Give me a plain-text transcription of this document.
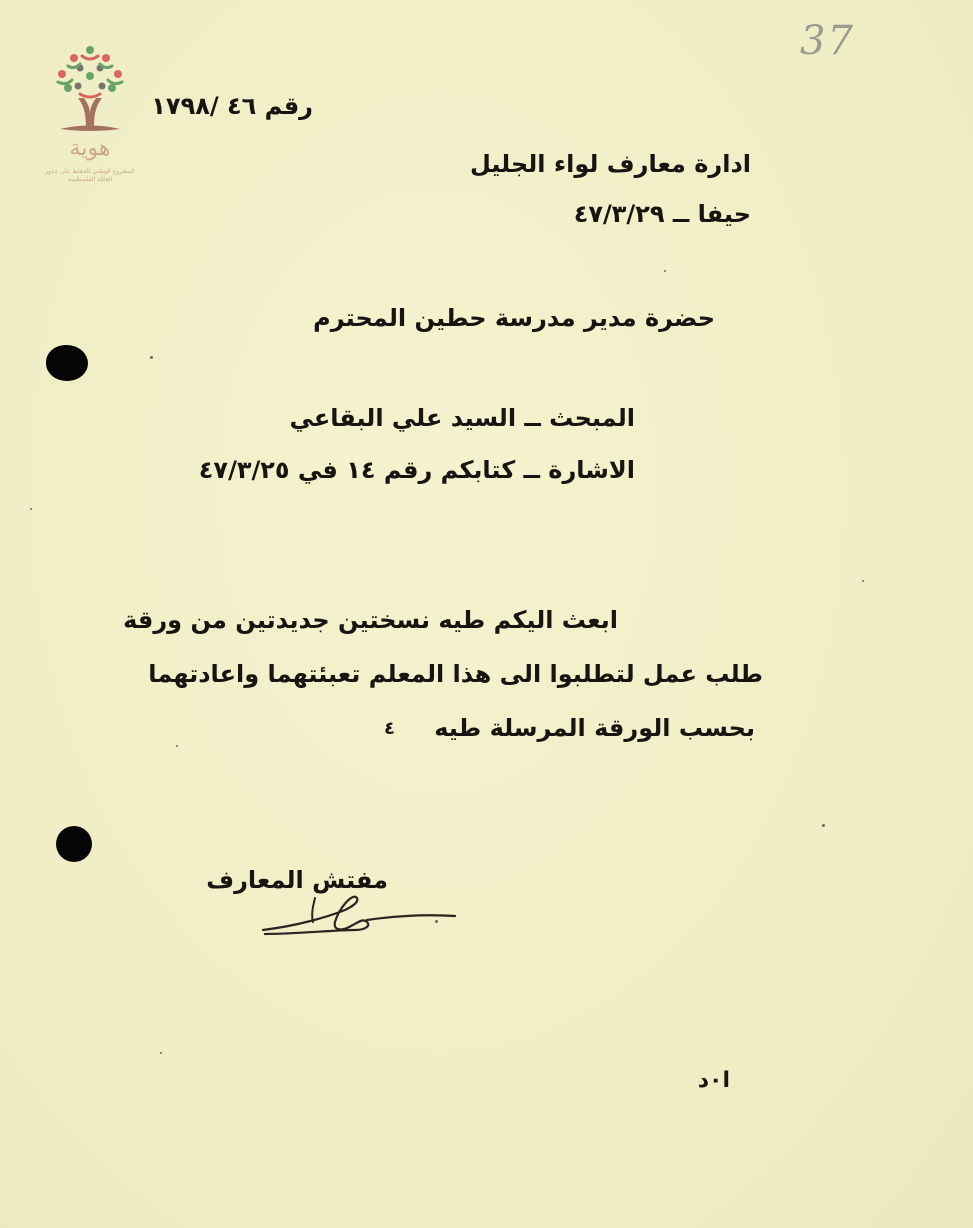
37
هوية
المشروع الوطني للحفاظ على جذور العائلة الفلسطينية
رقم ٤٦ /١٧٩٨
ادارة معارف لواء الجليل
حيفا ــ ٤٧/٣/٢٩
حضرة مدير مدرسة حطين المحترم
المبحث ــ السيد علي البقاعي
الاشارة ــ كتابكم رقم ١٤ في ٤٧/٣/٢٥
ابعث اليكم طيه نسختين جديدتين من ورقة
طلب عمل لتطلبوا الى هذا المعلم تعبئتهما واعادتهما
بحسب الورقة المرسلة طيه
٤
مفتش المعارف
ا٠د
